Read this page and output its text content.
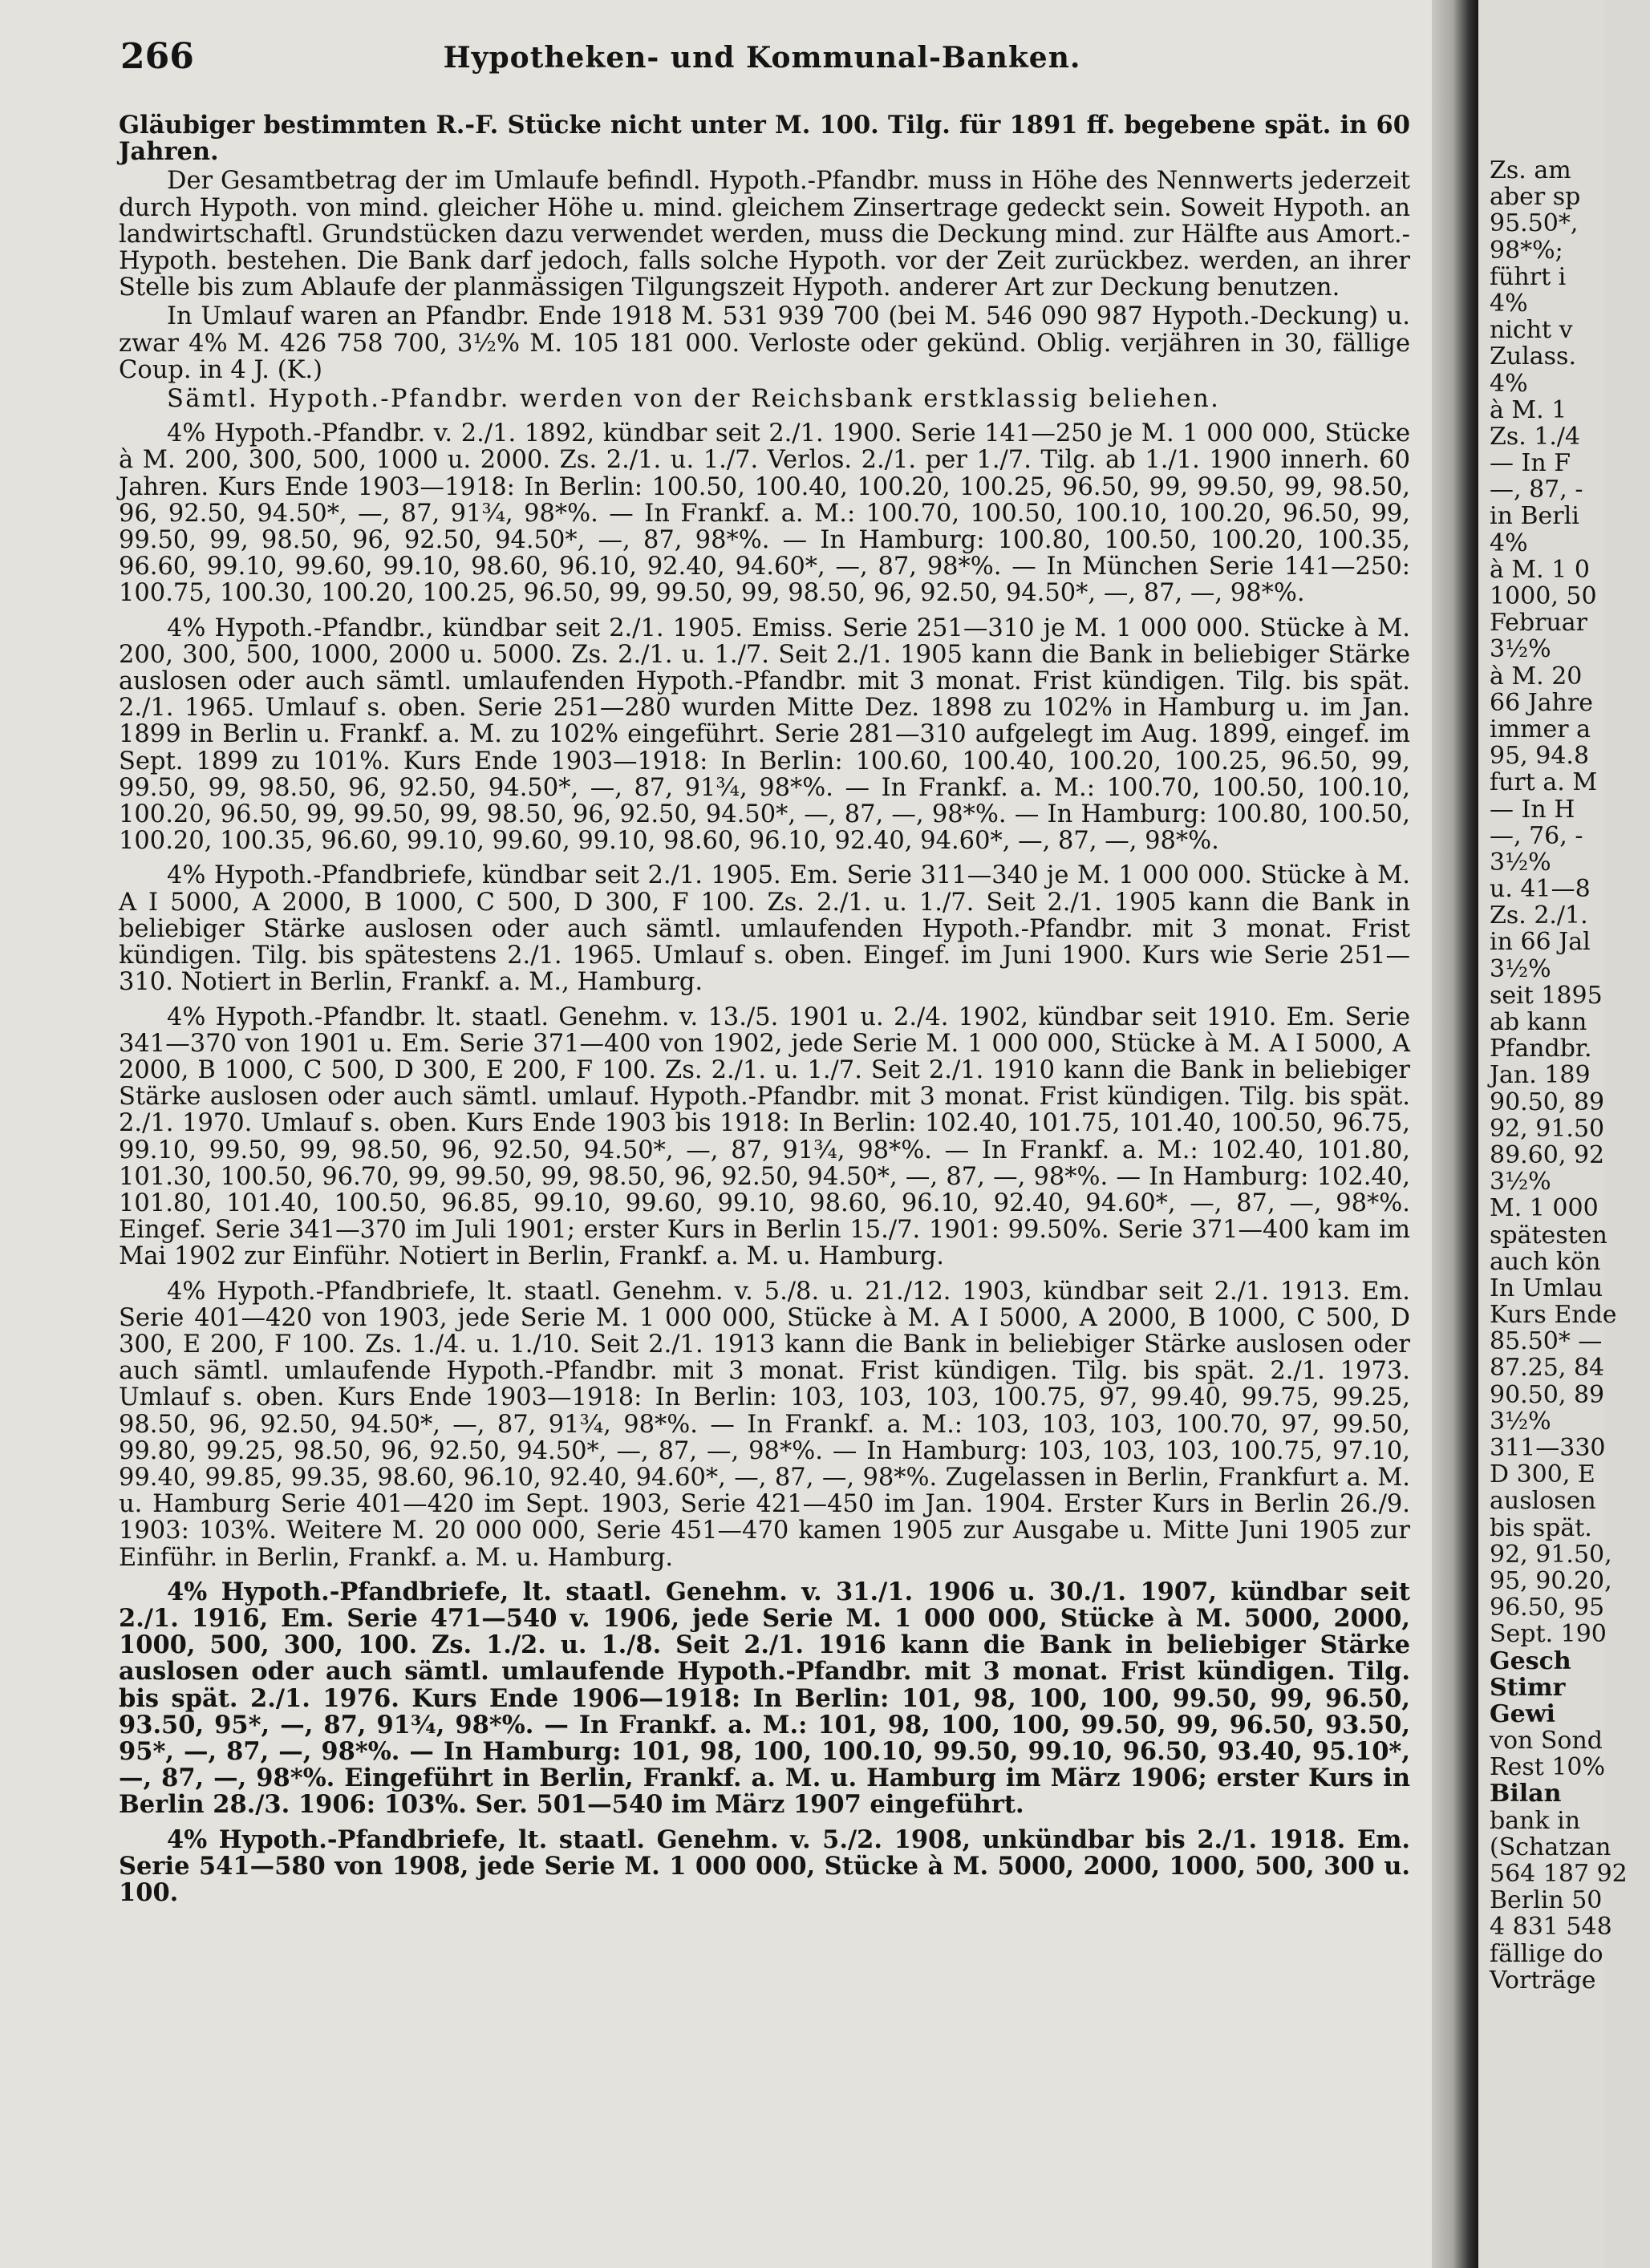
266	Hypotheken- und Kommunal-Banken.

Gläubiger bestimmten R.-F. Stücke nicht unter M. 100. Tilg. für 1891 ff. begebene spät. in 60 Jahren.

Der Gesamtbetrag der im Umlaufe befindl. Hypoth.-Pfandbr. muss in Höhe des Nennwerts jederzeit durch Hypoth. von mind. gleicher Höhe u. mind. gleichem Zinsertrage gedeckt sein. Soweit Hypoth. an landwirtschaftl. Grundstücken dazu verwendet werden, muss die Deckung mind. zur Hälfte aus Amort.-Hypoth. bestehen. Die Bank darf jedoch, falls solche Hypoth. vor der Zeit zurückbez. werden, an ihrer Stelle bis zum Ablaufe der planmässigen Tilgungszeit Hypoth. anderer Art zur Deckung benutzen.

In Umlauf waren an Pfandbr. Ende 1918 M. 531 939 700 (bei M. 546 090 987 Hypoth.-Deckung) u. zwar 4% M. 426 758 700, 3½% M. 105 181 000. Verloste oder gekünd. Oblig. verjähren in 30, fällige Coup. in 4 J. (K.)

Sämtl. Hypoth.-Pfandbr. werden von der Reichsbank erstklassig beliehen.

4% Hypoth.-Pfandbr. v. 2./1. 1892, kündbar seit 2./1. 1900. Serie 141—250 je M. 1 000 000, Stücke à M. 200, 300, 500, 1000 u. 2000. Zs. 2./1. u. 1./7. Verlos. 2./1. per 1./7. Tilg. ab 1./1. 1900 innerh. 60 Jahren. Kurs Ende 1903—1918: In Berlin: 100.50, 100.40, 100.20, 100.25, 96.50, 99, 99.50, 99, 98.50, 96, 92.50, 94.50*, —, 87, 91¾, 98*%. — In Frankf. a. M.: 100.70, 100.50, 100.10, 100.20, 96.50, 99, 99.50, 99, 98.50, 96, 92.50, 94.50*, —, 87, 98*%. — In Hamburg: 100.80, 100.50, 100.20, 100.35, 96.60, 99.10, 99.60, 99.10, 98.60, 96.10, 92.40, 94.60*, —, 87, 98*%. — In München Serie 141—250: 100.75, 100.30, 100.20, 100.25, 96.50, 99, 99.50, 99, 98.50, 96, 92.50, 94.50*, —, 87, —, 98*%.

4% Hypoth.-Pfandbr., kündbar seit 2./1. 1905. Emiss. Serie 251—310 je M. 1 000 000. Stücke à M. 200, 300, 500, 1000, 2000 u. 5000. Zs. 2./1. u. 1./7. Seit 2./1. 1905 kann die Bank in beliebiger Stärke auslosen oder auch sämtl. umlaufenden Hypoth.-Pfandbr. mit 3 monat. Frist kündigen. Tilg. bis spät. 2./1. 1965. Umlauf s. oben. Serie 251—280 wurden Mitte Dez. 1898 zu 102% in Hamburg u. im Jan. 1899 in Berlin u. Frankf. a. M. zu 102% eingeführt. Serie 281—310 aufgelegt im Aug. 1899, eingef. im Sept. 1899 zu 101%. Kurs Ende 1903—1918: In Berlin: 100.60, 100.40, 100.20, 100.25, 96.50, 99, 99.50, 99, 98.50, 96, 92.50, 94.50*, —, 87, 91¾, 98*%. — In Frankf. a. M.: 100.70, 100.50, 100.10, 100.20, 96.50, 99, 99.50, 99, 98.50, 96, 92.50, 94.50*, —, 87, —, 98*%. — In Hamburg: 100.80, 100.50, 100.20, 100.35, 96.60, 99.10, 99.60, 99.10, 98.60, 96.10, 92.40, 94.60*, —, 87, —, 98*%.

4% Hypoth.-Pfandbriefe, kündbar seit 2./1. 1905. Em. Serie 311—340 je M. 1 000 000. Stücke à M. A I 5000, A 2000, B 1000, C 500, D 300, F 100. Zs. 2./1. u. 1./7. Seit 2./1. 1905 kann die Bank in beliebiger Stärke auslosen oder auch sämtl. umlaufenden Hypoth.-Pfandbr. mit 3 monat. Frist kündigen. Tilg. bis spätestens 2./1. 1965. Umlauf s. oben. Eingef. im Juni 1900. Kurs wie Serie 251—310. Notiert in Berlin, Frankf. a. M., Hamburg.

4% Hypoth.-Pfandbr. lt. staatl. Genehm. v. 13./5. 1901 u. 2./4. 1902, kündbar seit 1910. Em. Serie 341—370 von 1901 u. Em. Serie 371—400 von 1902, jede Serie M. 1 000 000, Stücke à M. A I 5000, A 2000, B 1000, C 500, D 300, E 200, F 100. Zs. 2./1. u. 1./7. Seit 2./1. 1910 kann die Bank in beliebiger Stärke auslosen oder auch sämtl. umlauf. Hypoth.-Pfandbr. mit 3 monat. Frist kündigen. Tilg. bis spät. 2./1. 1970. Umlauf s. oben. Kurs Ende 1903 bis 1918: In Berlin: 102.40, 101.75, 101.40, 100.50, 96.75, 99.10, 99.50, 99, 98.50, 96, 92.50, 94.50*, —, 87, 91¾, 98*%. — In Frankf. a. M.: 102.40, 101.80, 101.30, 100.50, 96.70, 99, 99.50, 99, 98.50, 96, 92.50, 94.50*, —, 87, —, 98*%. — In Hamburg: 102.40, 101.80, 101.40, 100.50, 96.85, 99.10, 99.60, 99.10, 98.60, 96.10, 92.40, 94.60*, —, 87, —, 98*%. Eingef. Serie 341—370 im Juli 1901; erster Kurs in Berlin 15./7. 1901: 99.50%. Serie 371—400 kam im Mai 1902 zur Einführ. Notiert in Berlin, Frankf. a. M. u. Hamburg.

4% Hypoth.-Pfandbriefe, lt. staatl. Genehm. v. 5./8. u. 21./12. 1903, kündbar seit 2./1. 1913. Em. Serie 401—420 von 1903, jede Serie M. 1 000 000, Stücke à M. A I 5000, A 2000, B 1000, C 500, D 300, E 200, F 100. Zs. 1./4. u. 1./10. Seit 2./1. 1913 kann die Bank in beliebiger Stärke auslosen oder auch sämtl. umlaufende Hypoth.-Pfandbr. mit 3 monat. Frist kündigen. Tilg. bis spät. 2./1. 1973. Umlauf s. oben. Kurs Ende 1903—1918: In Berlin: 103, 103, 103, 100.75, 97, 99.40, 99.75, 99.25, 98.50, 96, 92.50, 94.50*, —, 87, 91¾, 98*%. — In Frankf. a. M.: 103, 103, 103, 100.70, 97, 99.50, 99.80, 99.25, 98.50, 96, 92.50, 94.50*, —, 87, —, 98*%. — In Hamburg: 103, 103, 103, 100.75, 97.10, 99.40, 99.85, 99.35, 98.60, 96.10, 92.40, 94.60*, —, 87, —, 98*%. Zugelassen in Berlin, Frankfurt a. M. u. Hamburg Serie 401—420 im Sept. 1903, Serie 421—450 im Jan. 1904. Erster Kurs in Berlin 26./9. 1903: 103%. Weitere M. 20 000 000, Serie 451—470 kamen 1905 zur Ausgabe u. Mitte Juni 1905 zur Einführ. in Berlin, Frankf. a. M. u. Hamburg.

4% Hypoth.-Pfandbriefe, lt. staatl. Genehm. v. 31./1. 1906 u. 30./1. 1907, kündbar seit 2./1. 1916, Em. Serie 471—540 v. 1906, jede Serie M. 1 000 000, Stücke à M. 5000, 2000, 1000, 500, 300, 100. Zs. 1./2. u. 1./8. Seit 2./1. 1916 kann die Bank in beliebiger Stärke auslosen oder auch sämtl. umlaufende Hypoth.-Pfandbr. mit 3 monat. Frist kündigen. Tilg. bis spät. 2./1. 1976. Kurs Ende 1906—1918: In Berlin: 101, 98, 100, 100, 99.50, 99, 96.50, 93.50, 95*, —, 87, 91¾, 98*%. — In Frankf. a. M.: 101, 98, 100, 100, 99.50, 99, 96.50, 93.50, 95*, —, 87, —, 98*%. — In Hamburg: 101, 98, 100, 100.10, 99.50, 99.10, 96.50, 93.40, 95.10*, —, 87, —, 98*%. Eingeführt in Berlin, Frankf. a. M. u. Hamburg im März 1906; erster Kurs in Berlin 28./3. 1906: 103%. Ser. 501—540 im März 1907 eingeführt.

4% Hypoth.-Pfandbriefe, lt. staatl. Genehm. v. 5./2. 1908, unkündbar bis 2./1. 1918. Em. Serie 541—580 von 1908, jede Serie M. 1 000 000, Stücke à M. 5000, 2000, 1000, 500, 300 u. 100.

Zs. am
aber sp
95.50*,
98*%;
führt i
4%
nicht v
Zulass.
4%
à M. 1
Zs. 1./4
— In F
—, 87, -
in Berli
4%
à M. 1 0
1000, 50
Februar
3½%
à M. 20
66 Jahre
immer a
95, 94.8
furt a. M
— In H
—, 76, -
3½%
u. 41—8
Zs. 2./1.
in 66 Jal
3½%
seit 1895
ab kann
Pfandbr.
Jan. 189
90.50, 89
92, 91.50
89.60, 92
3½%
M. 1 000
spätesten
auch kön
In Umlau
Kurs Ende
85.50* —
87.25, 84
90.50, 89
3½%
311—330
D 300, E
auslosen
bis spät.
92, 91.50,
95, 90.20,
96.50, 95
Sept. 190
Gesch
Stimr
Gewi
von Sond
Rest 10%
Bilan
bank in
(Schatzan
564 187 92
Berlin 50
4 831 548
fällige do
Vorträge
